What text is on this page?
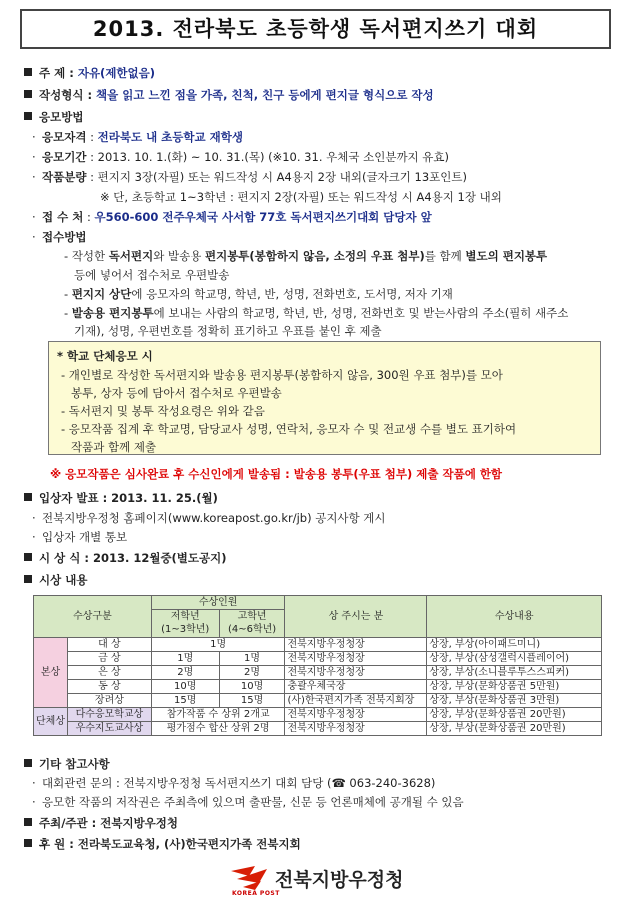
2013. 전라북도 초등학생 독서편지쓰기 대회
주 제 : 자유(제한없음)
작성형식 : 책을 읽고 느낀 점을 가족, 친척, 친구 등에게 편지글 형식으로 작성
응모방법
· 응모자격 : 전라북도 내 초등학교 재학생
· 응모기간 : 2013. 10. 1.(화) ~ 10. 31.(목) (※10. 31. 우체국 소인분까지 유효)
· 작품분량 : 편지지 3장(자필) 또는 워드작성 시 A4용지 2장 내외(글자크기 13포인트)
※ 단, 초등학교 1~3학년 : 편지지 2장(자필) 또는 워드작성 시 A4용지 1장 내외
· 접 수 처 : 우560-600 전주우체국 사서함 77호 독서편지쓰기대회 담당자 앞
· 접수방법
- 작성한 독서편지와 발송용 편지봉투(봉함하지 않음, 소정의 우표 첨부)를 함께 별도의 편지봉투
등에 넣어서 접수처로 우편발송
- 편지지 상단에 응모자의 학교명, 학년, 반, 성명, 전화번호, 도서명, 저자 기재
- 발송용 편지봉투에 보내는 사람의 학교명, 학년, 반, 성명, 전화번호 및 받는사람의 주소(필히 새주소
기재), 성명, 우편번호를 정확히 표기하고 우표를 붙인 후 제출
* 학교 단체응모 시
- 개인별로 작성한 독서편지와 발송용 편지봉투(봉함하지 않음, 300원 우표 첨부)를 모아
봉투, 상자 등에 담아서 접수처로 우편발송
- 독서편지 및 봉투 작성요령은 위와 같음
- 응모작품 집계 후 학교명, 담당교사 성명, 연락처, 응모자 수 및 전교생 수를 별도 표기하여
작품과 함께 제출
※ 응모작품은 심사완료 후 수신인에게 발송됨 : 발송용 봉투(우표 첨부) 제출 작품에 한함
입상자 발표 : 2013. 11. 25.(월)
· 전북지방우정청 홈페이지(www.koreapost.go.kr/jb) 공지사항 게시
· 입상자 개별 통보
시 상 식 : 2013. 12월중(별도공지)
시상 내용
수상구분		수상인원		상 주시는 분	수상내용
		저학년	고학년		
		(1~3학년)	(4~6학년)		
본상	대 상	1명		전북지방우정청장	상장, 부상(아이패드미니)
	금 상	1명	1명	전북지방우정청장	상장, 부상(삼성갤럭시플레이어)
	은 상	2명	2명	전북지방우정청장	상장, 부상(소니블루투스스피커)
	동 상	10명	10명	충괄우체국장	상장, 부상(문화상품권 5만원)
	장려상	15명	15명	(사)한국편지가족 전북지회장	상장, 부상(문화상품권 3만원)
단체상	다수응모학교상	참가작품 수 상위 2개교		전북지방우정청장	상장, 부상(문화상품권 20만원)
	우수지도교사상	평가점수 합산 상위 2명		전북지방우정청장	상장, 부상(문화상품권 20만원)
기타 참고사항
· 대회관련 문의 : 전북지방우정청 독서편지쓰기 대회 담당 (☎ 063-240-3628)
· 응모한 작품의 저작권은 주최측에 있으며 출판물, 신문 등 언론매체에 공개될 수 있음
주최/주관 : 전북지방우정청
후 원 : 전라북도교육청, (사)한국편지가족 전북지회
KOREA POST
전북지방우정청
